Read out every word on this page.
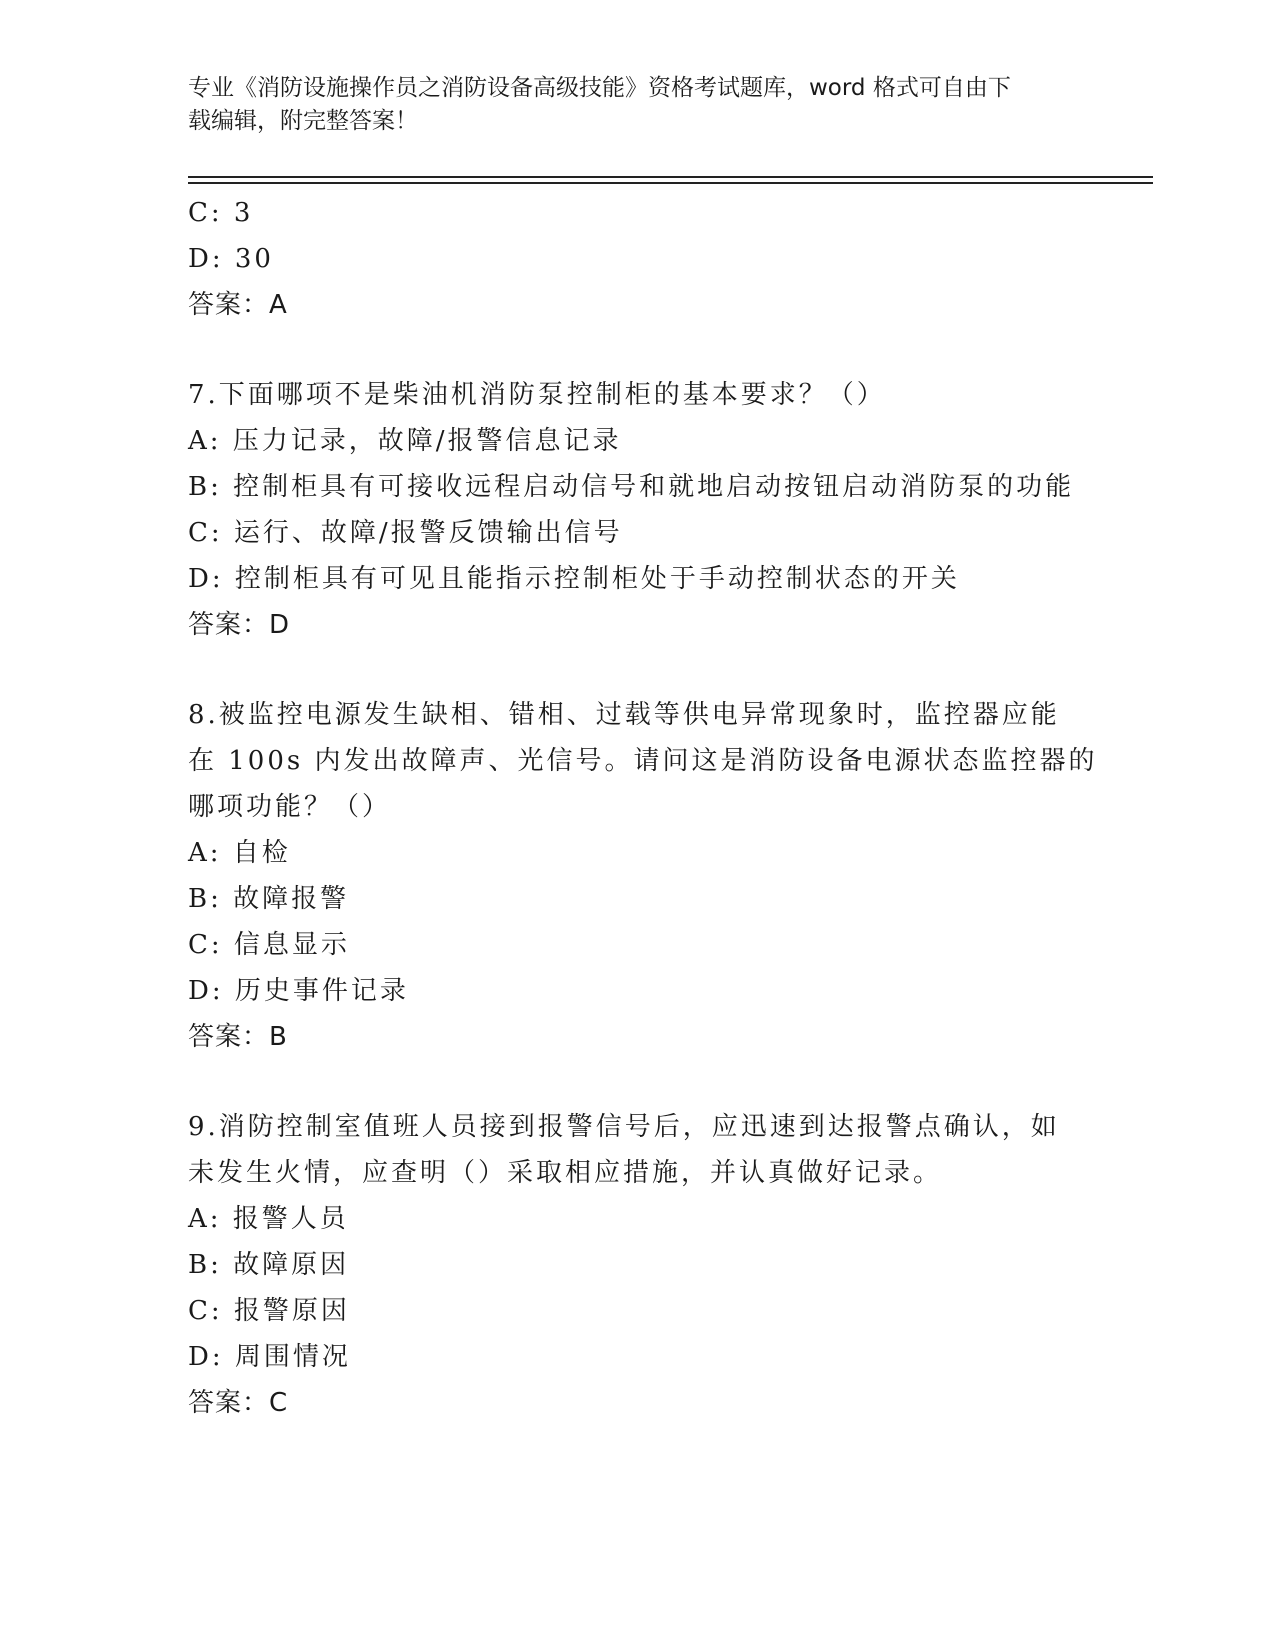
专业《消防设施操作员之消防设备高级技能》资格考试题库，word 格式可自由下
载编辑，附完整答案！
C: 3
D: 30
答案：A
7.下面哪项不是柴油机消防泵控制柜的基本要求？（）
A: 压力记录，故障/报警信息记录
B: 控制柜具有可接收远程启动信号和就地启动按钮启动消防泵的功能
C: 运行、故障/报警反馈输出信号
D: 控制柜具有可见且能指示控制柜处于手动控制状态的开关
答案：D
8.被监控电源发生缺相、错相、过载等供电异常现象时，监控器应能
在 100s 内发出故障声、光信号。请问这是消防设备电源状态监控器的
哪项功能？（）
A: 自检
B: 故障报警
C: 信息显示
D: 历史事件记录
答案：B
9.消防控制室值班人员接到报警信号后，应迅速到达报警点确认，如
未发生火情，应查明（）采取相应措施，并认真做好记录。
A: 报警人员
B: 故障原因
C: 报警原因
D: 周围情况
答案：C
